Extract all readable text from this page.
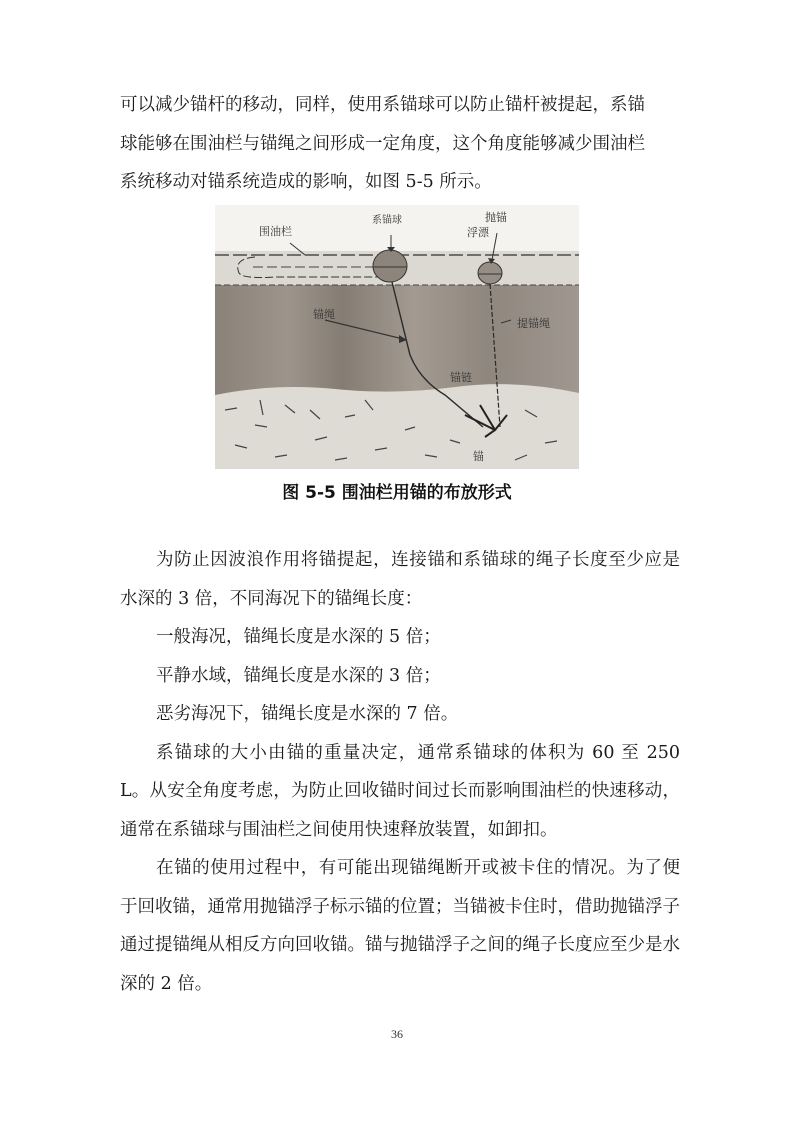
可以减少锚杆的移动，同样，使用系锚球可以防止锚杆被提起，系锚
球能够在围油栏与锚绳之间形成一定角度，这个角度能够减少围油栏
系统移动对锚系统造成的影响，如图 5-5 所示。
围油栏
系锚球	抛锚
浮漂
锚绳
提锚绳
锚链
锚
图 5-5 围油栏用锚的布放形式

为防止因波浪作用将锚提起，连接锚和系锚球的绳子长度至少应是水深的 3 倍，不同海况下的锚绳长度：

一般海况，锚绳长度是水深的 5 倍；

平静水域，锚绳长度是水深的 3 倍；

恶劣海况下，锚绳长度是水深的 7 倍。

系锚球的大小由锚的重量决定，通常系锚球的体积为 60 至 250 L。从安全角度考虑，为防止回收锚时间过长而影响围油栏的快速移动，通常在系锚球与围油栏之间使用快速释放装置，如卸扣。

在锚的使用过程中，有可能出现锚绳断开或被卡住的情况。为了便于回收锚，通常用抛锚浮子标示锚的位置；当锚被卡住时，借助抛锚浮子通过提锚绳从相反方向回收锚。锚与抛锚浮子之间的绳子长度应至少是水深的 2 倍。

36
